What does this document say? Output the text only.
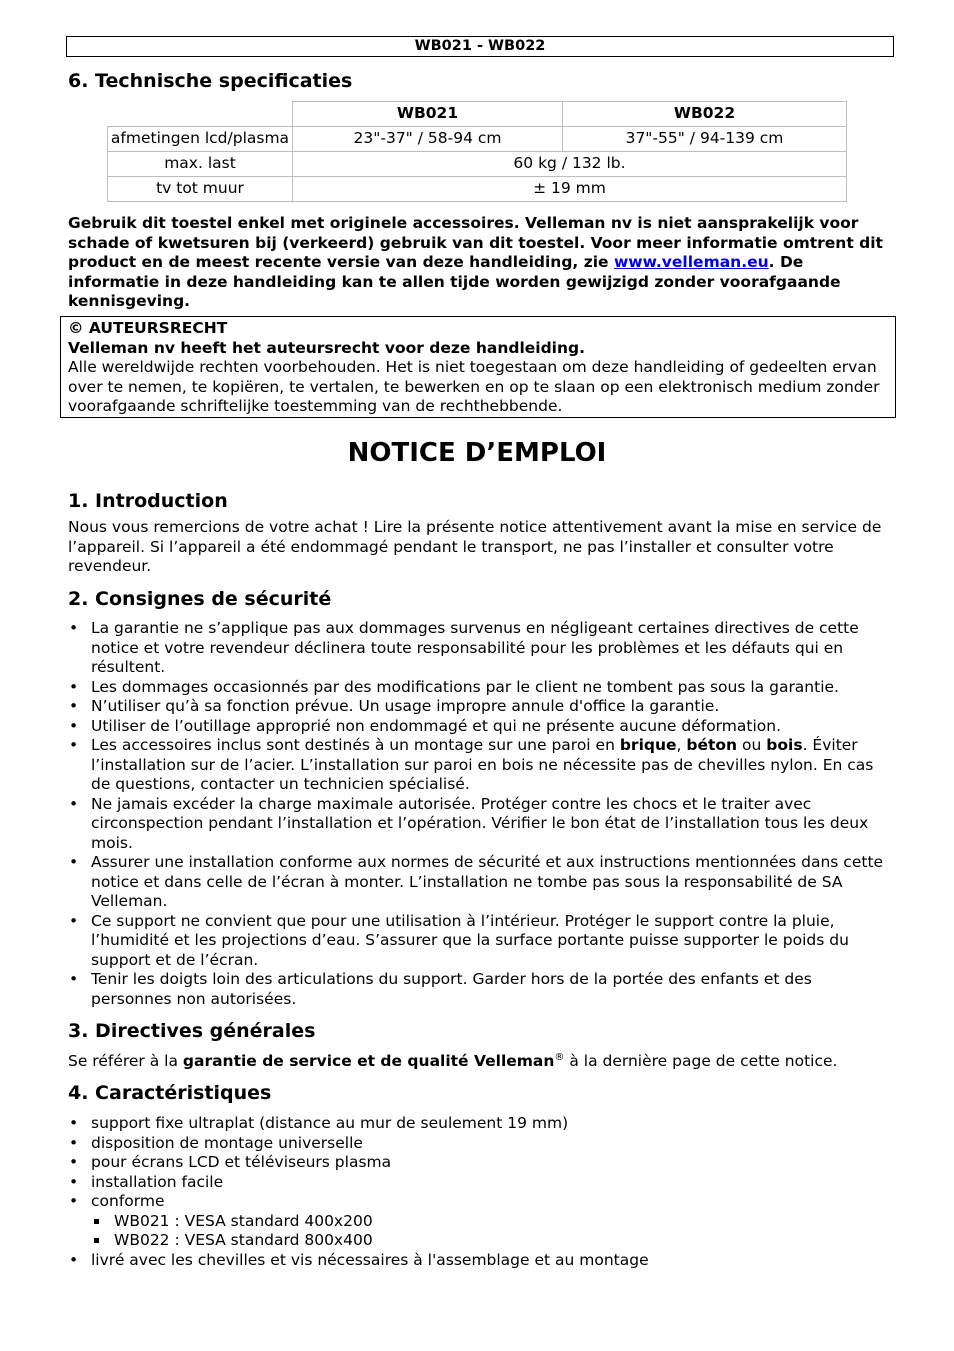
WB021 - WB022
6. Technische specificaties
	WB021	WB022
afmetingen lcd/plasma	23"-37" / 58-94 cm	37"-55" / 94-139 cm
max. last	60 kg / 132 lb.	
tv tot muur	± 19 mm	

Gebruik dit toestel enkel met originele accessoires. Velleman nv is niet aansprakelijk voor schade of kwetsuren bij (verkeerd) gebruik van dit toestel. Voor meer informatie omtrent dit product en de meest recente versie van deze handleiding, zie www.velleman.eu. De informatie in deze handleiding kan te allen tijde worden gewijzigd zonder voorafgaande kennisgeving.

© AUTEURSRECHT
Velleman nv heeft het auteursrecht voor deze handleiding.
Alle wereldwijde rechten voorbehouden. Het is niet toegestaan om deze handleiding of gedeelten ervan over te nemen, te kopiëren, te vertalen, te bewerken en op te slaan op een elektronisch medium zonder voorafgaande schriftelijke toestemming van de rechthebbende.
NOTICE D’EMPLOI
1. Introduction

Nous vous remercions de votre achat ! Lire la présente notice attentivement avant la mise en service de l’appareil. Si l’appareil a été endommagé pendant le transport, ne pas l’installer et consulter votre revendeur.

2. Consignes de sécurité
• La garantie ne s’applique pas aux dommages survenus en négligeant certaines directives de cette notice et votre revendeur déclinera toute responsabilité pour les problèmes et les défauts qui en résultent.
• Les dommages occasionnés par des modifications par le client ne tombent pas sous la garantie.
• N’utiliser qu’à sa fonction prévue. Un usage impropre annule d'office la garantie.
• Utiliser de l’outillage approprié non endommagé et qui ne présente aucune déformation.
• Les accessoires inclus sont destinés à un montage sur une paroi en brique, béton ou bois. Éviter l’installation sur de l’acier. L’installation sur paroi en bois ne nécessite pas de chevilles nylon. En cas de questions, contacter un technicien spécialisé.
• Ne jamais excéder la charge maximale autorisée. Protéger contre les chocs et le traiter avec circonspection pendant l’installation et l’opération. Vérifier le bon état de l’installation tous les deux mois.
• Assurer une installation conforme aux normes de sécurité et aux instructions mentionnées dans cette notice et dans celle de l’écran à monter. L’installation ne tombe pas sous la responsabilité de SA Velleman.
• Ce support ne convient que pour une utilisation à l’intérieur. Protéger le support contre la pluie, l’humidité et les projections d’eau. S’assurer que la surface portante puisse supporter le poids du support et de l’écran.
• Tenir les doigts loin des articulations du support. Garder hors de la portée des enfants et des personnes non autorisées.
3. Directives générales

Se référer à la garantie de service et de qualité Velleman® à la dernière page de cette notice.

4. Caractéristiques
• support fixe ultraplat (distance au mur de seulement 19 mm)
• disposition de montage universelle
• pour écrans LCD et téléviseurs plasma
• installation facile
• conforme
WB021 : VESA standard 400x200
WB022 : VESA standard 800x400
• livré avec les chevilles et vis nécessaires à l'assemblage et au montage
